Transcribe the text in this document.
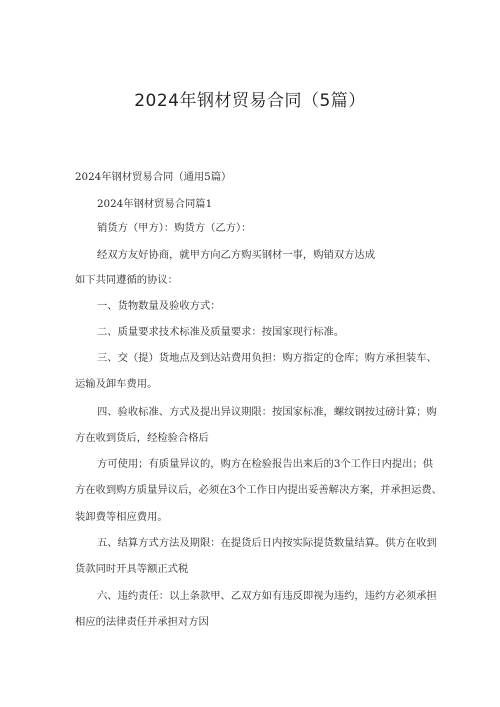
2024年钢材贸易合同（5篇）
2024年钢材贸易合同（通用5篇）
2024年钢材贸易合同篇1
销货方（甲方）：购货方（乙方）：
经双方友好协商，就甲方向乙方购买钢材一事，购销双方达成
如下共同遵循的协议：
一、货物数量及验收方式：
二、质量要求技术标准及质量要求：按国家现行标准。
三、交（提）货地点及到达站费用负担：购方指定的仓库；购方承担装车、
运输及卸车费用。
四、验收标准、方式及提出异议期限：按国家标准，螺纹钢按过磅计算；购
方在收到货后，经检验合格后
方可使用；有质量异议的，购方在检验报告出来后的3个工作日内提出；供
方在收到购方质量异议后，必须在3个工作日内提出妥善解决方案，并承担运费、
装卸费等相应费用。
五、结算方式方法及期限：在提货后日内按实际提货数量结算。供方在收到
货款同时开具等额正式税
六、违约责任：以上条款甲、乙双方如有违反即视为违约，违约方必须承担
相应的法律责任并承担对方因
